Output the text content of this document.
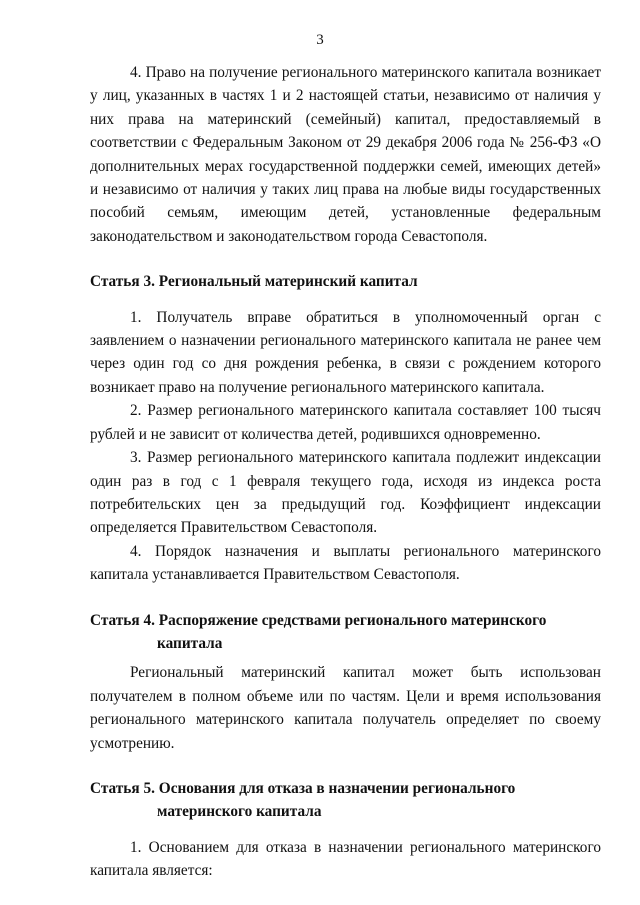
3

4. Право на получение регионального материнского капитала возникает у лиц, указанных в частях 1 и 2 настоящей статьи, независимо от наличия у них права на материнский (семейный) капитал, предоставляемый в соответствии с Федеральным Законом от 29 декабря 2006 года № 256-ФЗ «О дополнительных мерах государственной поддержки семей, имеющих детей» и независимо от наличия у таких лиц права на любые виды государственных пособий семьям, имеющим детей, установленные федеральным законодательством и законодательством города Севастополя.

Статья 3. Региональный материнский капитал

1. Получатель вправе обратиться в уполномоченный орган с заявлением о назначении регионального материнского капитала не ранее чем через один год со дня рождения ребенка, в связи с рождением которого возникает право на получение регионального материнского капитала.

2. Размер регионального материнского капитала составляет 100 тысяч рублей и не зависит от количества детей, родившихся одновременно.

3. Размер регионального материнского капитала подлежит индексации один раз в год с 1 февраля текущего года, исходя из индекса роста потребительских цен за предыдущий год. Коэффициент индексации определяется Правительством Севастополя.

4. Порядок назначения и выплаты регионального материнского капитала устанавливается Правительством Севастополя.

Статья 4. Распоряжение средствами регионального материнского капитала

Региональный материнский капитал может быть использован получателем в полном объеме или по частям. Цели и время использования регионального материнского капитала получатель определяет по своему усмотрению.

Статья 5. Основания для отказа в назначении регионального материнского капитала

1. Основанием для отказа в назначении регионального материнского капитала является:
